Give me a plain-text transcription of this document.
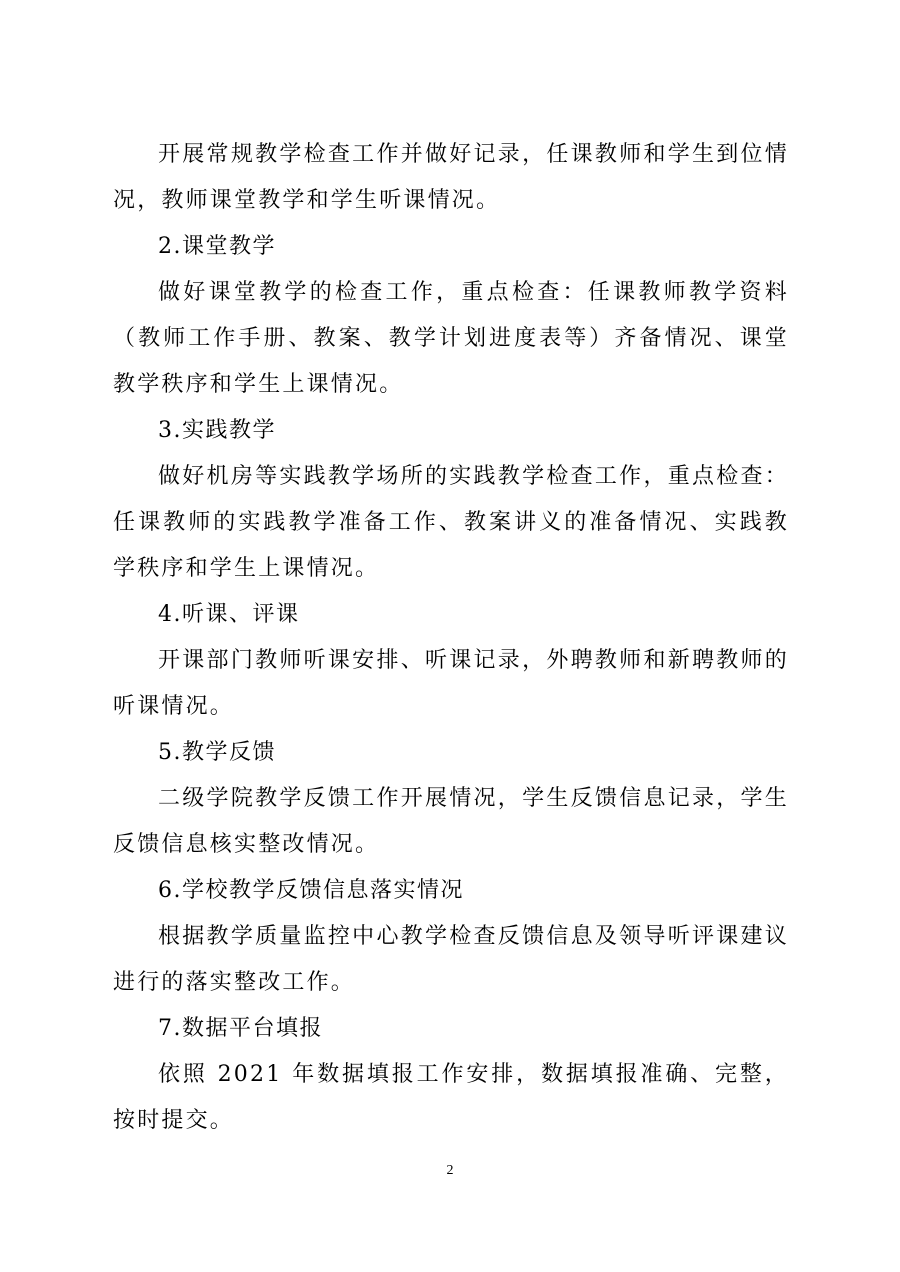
开展常规教学检查工作并做好记录，任课教师和学生到位情况，教师课堂教学和学生听课情况。

2.课堂教学

做好课堂教学的检查工作，重点检查：任课教师教学资料（教师工作手册、教案、教学计划进度表等）齐备情况、课堂教学秩序和学生上课情况。

3.实践教学

做好机房等实践教学场所的实践教学检查工作，重点检查：任课教师的实践教学准备工作、教案讲义的准备情况、实践教学秩序和学生上课情况。

4.听课、评课

开课部门教师听课安排、听课记录，外聘教师和新聘教师的听课情况。

5.教学反馈

二级学院教学反馈工作开展情况，学生反馈信息记录，学生反馈信息核实整改情况。

6.学校教学反馈信息落实情况

根据教学质量监控中心教学检查反馈信息及领导听评课建议进行的落实整改工作。

7.数据平台填报

依照 2021 年数据填报工作安排，数据填报准确、完整，按时提交。

2
